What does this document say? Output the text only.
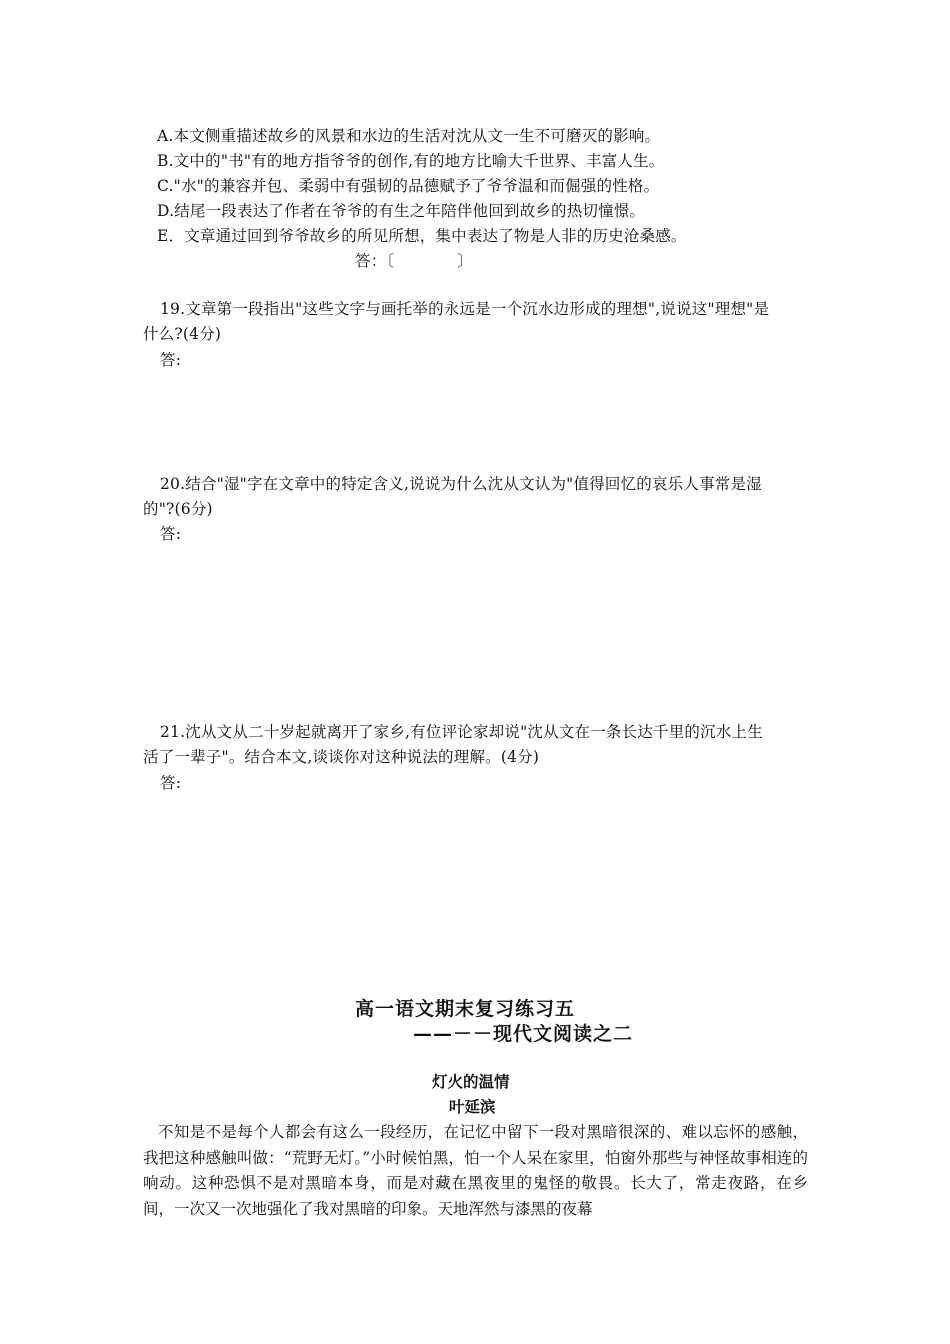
A.本文侧重描述故乡的风景和水边的生活对沈从文一生不可磨灭的影响。
B.文中的"书"有的地方指爷爷的创作,有的地方比喻大千世界、丰富人生。
C."水"的兼容并包、柔弱中有强韧的品德赋予了爷爷温和而倔强的性格。
D.结尾一段表达了作者在爷爷的有生之年陪伴他回到故乡的热切憧憬。
E．文章通过回到爷爷故乡的所见所想，集中表达了物是人非的历史沧桑感。
答：〔　　　　〕
19.文章第一段指出"这些文字与画托举的永远是一个沉水边形成的理想",说说这"理想"是
什么?(4分)
答:
20.结合"湿"字在文章中的特定含义,说说为什么沈从文认为"值得回忆的哀乐人事常是湿
的"?(6分)
答:
21.沈从文从二十岁起就离开了家乡,有位评论家却说"沈从文在一条长达千里的沉水上生
活了一辈子"。结合本文,谈谈你对这种说法的理解。(4分)
答:
高一语文期末复习练习五
——－－现代文阅读之二
灯火的温情
叶延滨
不知是不是每个人都会有这么一段经历，在记忆中留下一段对黑暗很深的、难以忘怀的感触，我把这种感触叫做：“荒野无灯。”小时候怕黑，怕一个人呆在家里，怕窗外那些与神怪故事相连的响动。这种恐惧不是对黑暗本身，而是对藏在黑夜里的鬼怪的敬畏。长大了，常走夜路，在乡间，一次又一次地强化了我对黑暗的印象。天地浑然与漆黑的夜幕
